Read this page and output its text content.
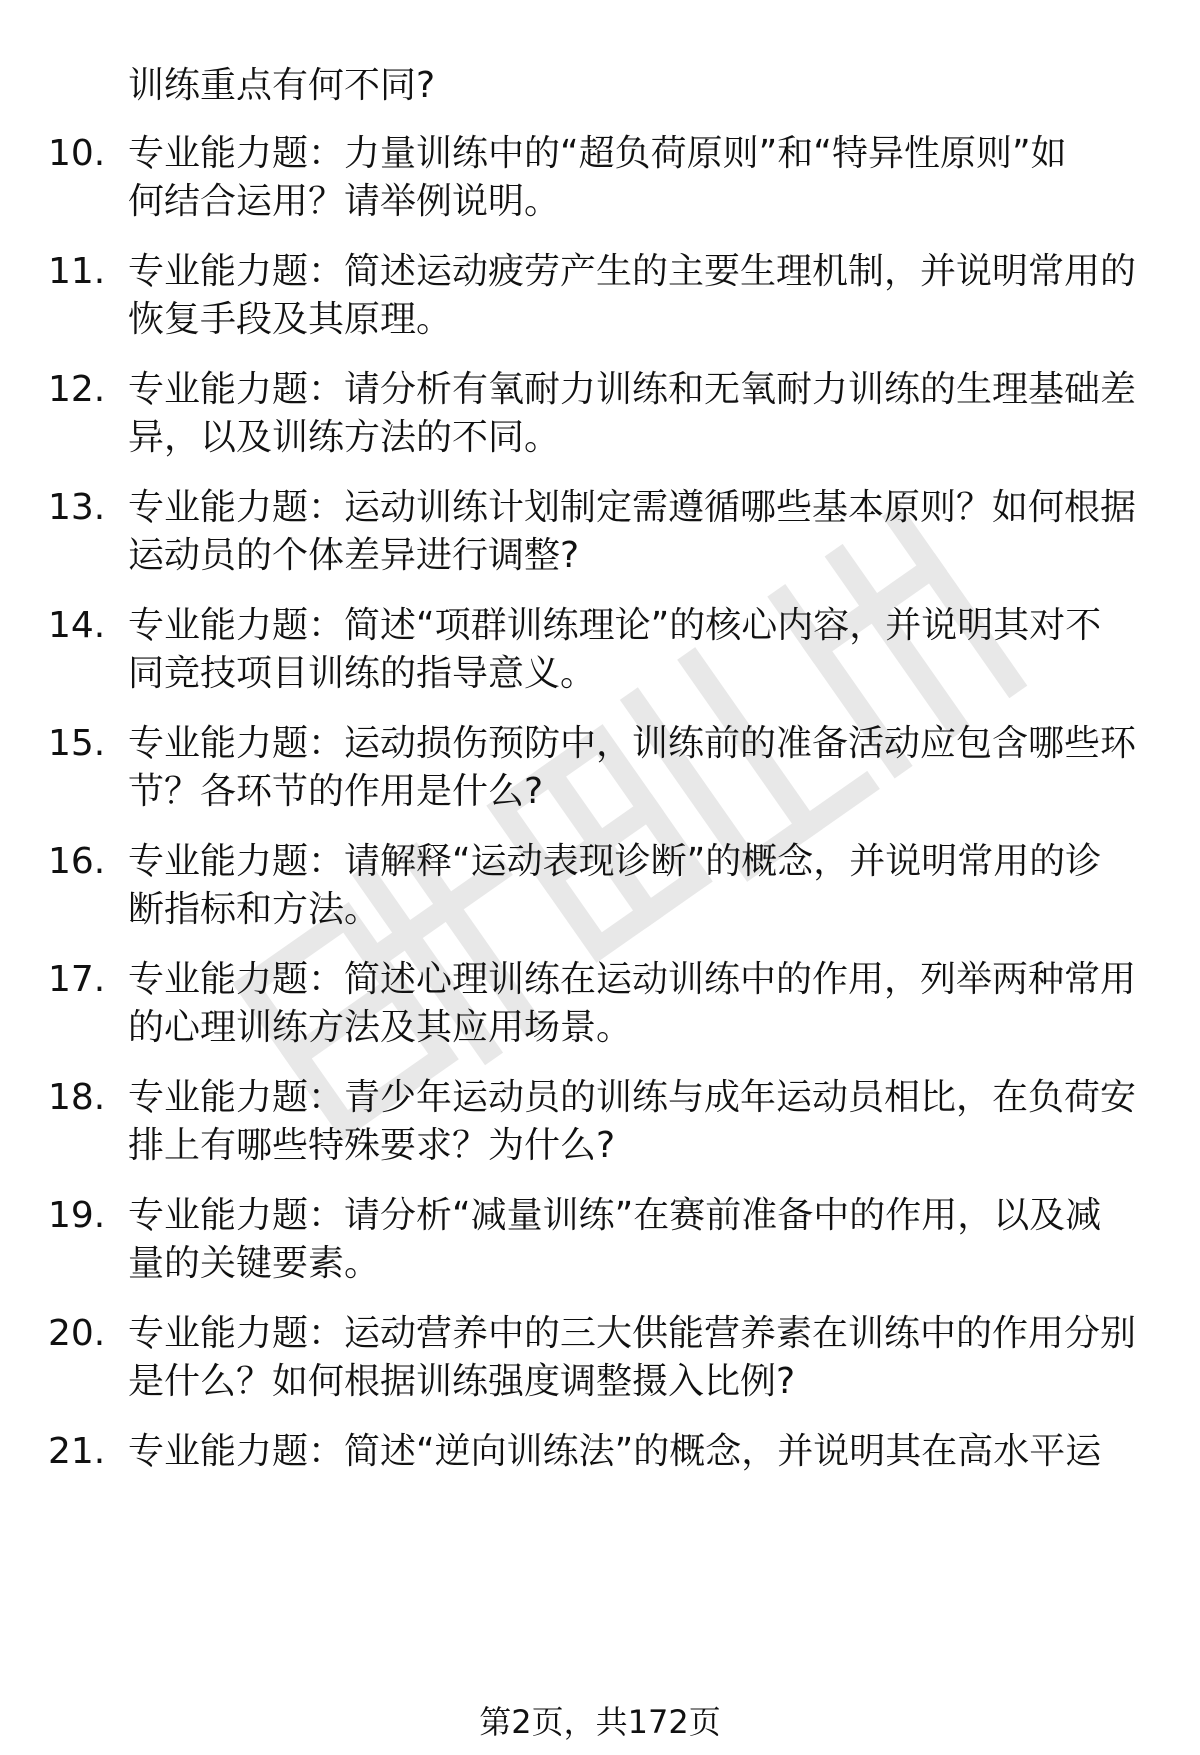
训练重点有何不同?

10. 专业能力题：力量训练中的“超负荷原则”和“特异性原则”如
何结合运用？请举例说明。
11. 专业能力题：简述运动疲劳产生的主要生理机制，并说明常用的
恢复手段及其原理。
12. 专业能力题：请分析有氧耐力训练和无氧耐力训练的生理基础差
异，以及训练方法的不同。
13. 专业能力题：运动训练计划制定需遵循哪些基本原则？如何根据
运动员的个体差异进行调整?
14. 专业能力题：简述“项群训练理论”的核心内容，并说明其对不
同竞技项目训练的指导意义。
15. 专业能力题：运动损伤预防中，训练前的准备活动应包含哪些环
节？各环节的作用是什么?
16. 专业能力题：请解释“运动表现诊断”的概念，并说明常用的诊
断指标和方法。
17. 专业能力题：简述心理训练在运动训练中的作用，列举两种常用
的心理训练方法及其应用场景。
18. 专业能力题：青少年运动员的训练与成年运动员相比，在负荷安
排上有哪些特殊要求？为什么?
19. 专业能力题：请分析“减量训练”在赛前准备中的作用，以及减
量的关键要素。
20. 专业能力题：运动营养中的三大供能营养素在训练中的作用分别
是什么？如何根据训练强度调整摄入比例?
21. 专业能力题：简述“逆向训练法”的概念，并说明其在高水平运
第2页，共172页
